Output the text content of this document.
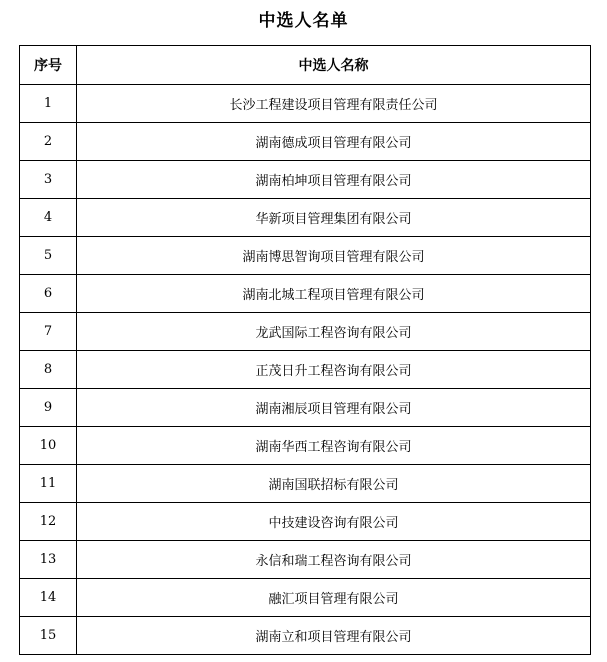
中选人名单
序号	中选人名称
1	长沙工程建设项目管理有限责任公司
2	湖南德成项目管理有限公司
3	湖南柏坤项目管理有限公司
4	华新项目管理集团有限公司
5	湖南博思智询项目管理有限公司
6	湖南北城工程项目管理有限公司
7	龙武国际工程咨询有限公司
8	正茂日升工程咨询有限公司
9	湖南湘辰项目管理有限公司
10	湖南华西工程咨询有限公司
11	湖南国联招标有限公司
12	中技建设咨询有限公司
13	永信和瑞工程咨询有限公司
14	融汇项目管理有限公司
15	湖南立和项目管理有限公司
